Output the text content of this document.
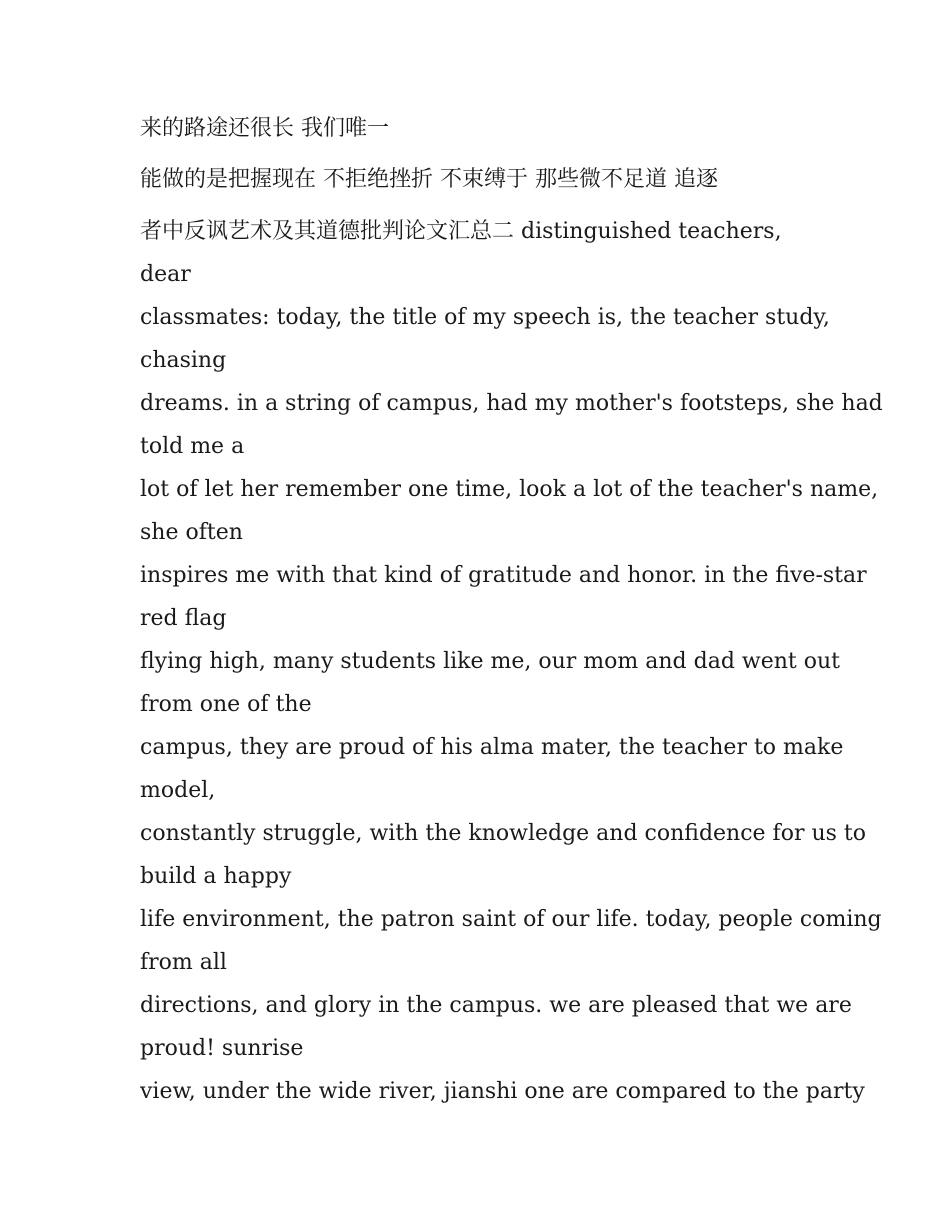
来的路途还很长 我们唯一

能做的是把握现在 不拒绝挫折 不束缚于 那些微不足道 追逐

者中反讽艺术及其道德批判论文汇总二 distinguished teachers,

dear

classmates: today, the title of my speech is, the teacher study,

chasing

dreams. in a string of campus, had my mother's footsteps, she had

told me a

lot of let her remember one time, look a lot of the teacher's name,

she often

inspires me with that kind of gratitude and honor. in the five-star

red flag

flying high, many students like me, our mom and dad went out

from one of the

campus, they are proud of his alma mater, the teacher to make

model,

constantly struggle, with the knowledge and confidence for us to

build a happy

life environment, the patron saint of our life. today, people coming

from all

directions, and glory in the campus. we are pleased that we are

proud! sunrise

view, under the wide river, jianshi one are compared to the party
